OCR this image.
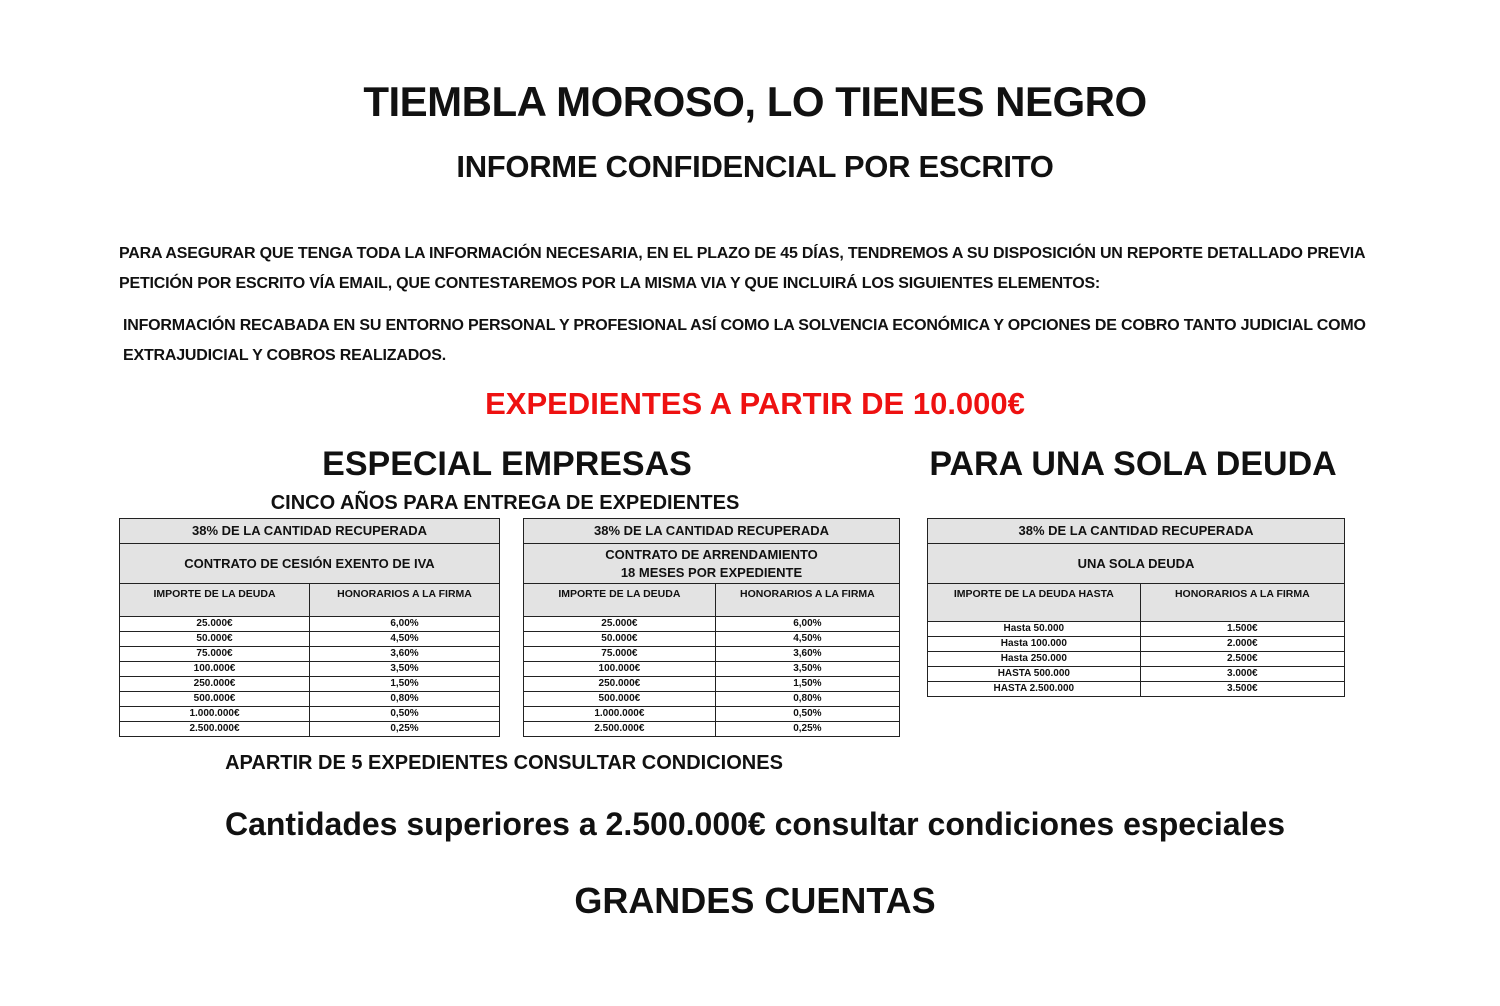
TIEMBLA MOROSO, LO TIENES NEGRO
INFORME CONFIDENCIAL POR ESCRITO
PARA ASEGURAR QUE TENGA TODA LA INFORMACIÓN NECESARIA, EN EL PLAZO DE 45 DÍAS, TENDREMOS A SU DISPOSICIÓN UN REPORTE DETALLADO PREVIA PETICIÓN POR ESCRITO VÍA EMAIL, QUE CONTESTAREMOS POR LA MISMA VIA Y QUE INCLUIRÁ LOS SIGUIENTES ELEMENTOS:
INFORMACIÓN RECABADA EN SU ENTORNO PERSONAL Y PROFESIONAL ASÍ COMO LA SOLVENCIA ECONÓMICA Y OPCIONES DE COBRO TANTO JUDICIAL COMO EXTRAJUDICIAL Y COBROS REALIZADOS.
EXPEDIENTES A PARTIR DE 10.000€
ESPECIAL EMPRESAS	PARA UNA SOLA DEUDA
CINCO AÑOS PARA ENTREGA DE EXPEDIENTES
38% DE LA CANTIDAD RECUPERADA	
CONTRATO DE CESIÓN EXENTO DE IVA	
IMPORTE DE LA DEUDA	HONORARIOS A LA FIRMA
25.000€	6,00%
50.000€	4,50%
75.000€	3,60%
100.000€	3,50%
250.000€	1,50%
500.000€	0,80%
1.000.000€	0,50%
2.500.000€	0,25%
38% DE LA CANTIDAD RECUPERADA	

CONTRATO DE ARRENDAMIENTO
18 MESES POR EXPEDIENTE	

IMPORTE DE LA DEUDA	HONORARIOS A LA FIRMA
25.000€	6,00%
50.000€	4,50%
75.000€	3,60%
100.000€	3,50%
250.000€	1,50%
500.000€	0,80%
1.000.000€	0,50%
2.500.000€	0,25%
38% DE LA CANTIDAD RECUPERADA	
UNA SOLA DEUDA	
IMPORTE DE LA DEUDA HASTA	HONORARIOS A LA FIRMA
Hasta 50.000	1.500€
Hasta 100.000	2.000€
Hasta 250.000	2.500€
HASTA 500.000	3.000€
HASTA 2.500.000	3.500€
APARTIR DE 5 EXPEDIENTES CONSULTAR CONDICIONES
Cantidades superiores a 2.500.000€ consultar condiciones especiales
GRANDES CUENTAS
